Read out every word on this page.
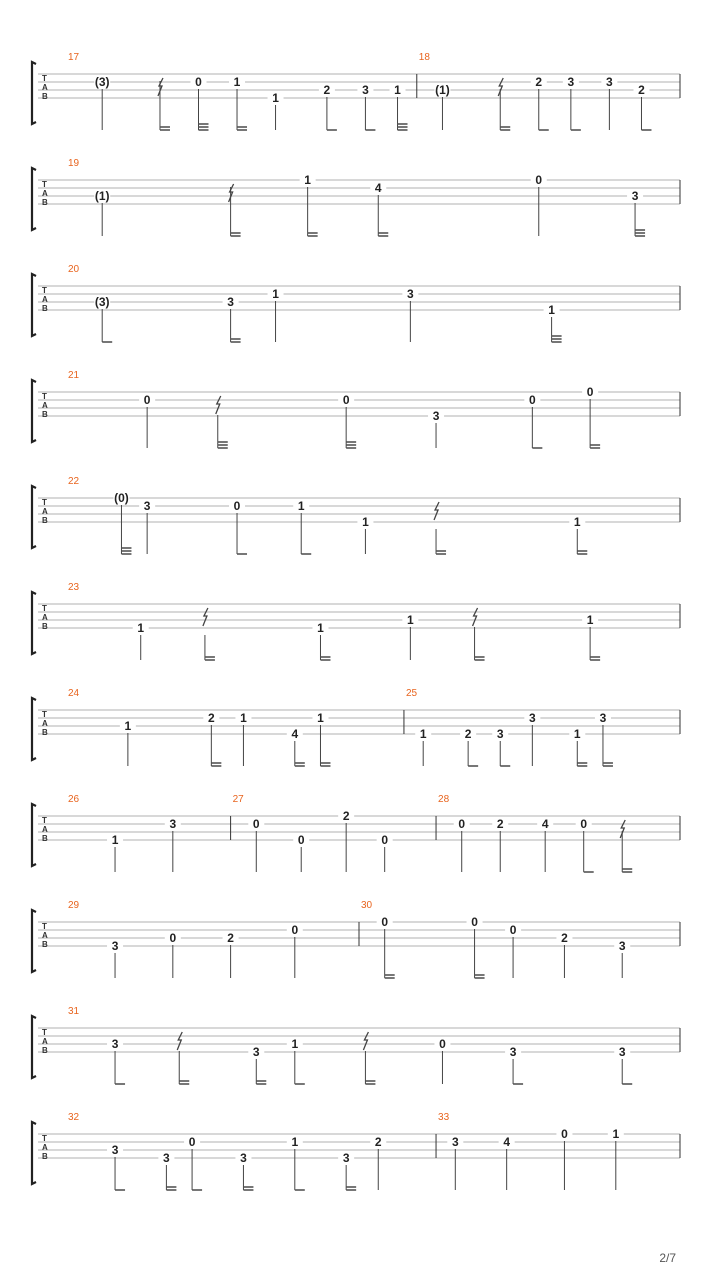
T
A
B
17
(3)	0	1
1
2	3 1
18
(1)
2 3	3
2
T
A
B
19
(1)
1
4
0
3
T
A
B
20
(3)	3
1	3
1
T
A
B
21
0	0
3
0
0
T
A
B
22
(0)
3	0	1
1	1
T
A
B
23
1	1
1	1
T
A
B
24
1
2 1
4
1
25
1	2 3
3
1
3
T
A
B
26
1
3
27
0
0
2
0
28
0	2	4	0
T
A
B
29
3
0	2
0
30
0	0
0
2
3
T
A
B
31
3
3
1	0
3	3
T
A
B
32
3
3
0
3
1
3
2
33
3	4
0	1
2/7
